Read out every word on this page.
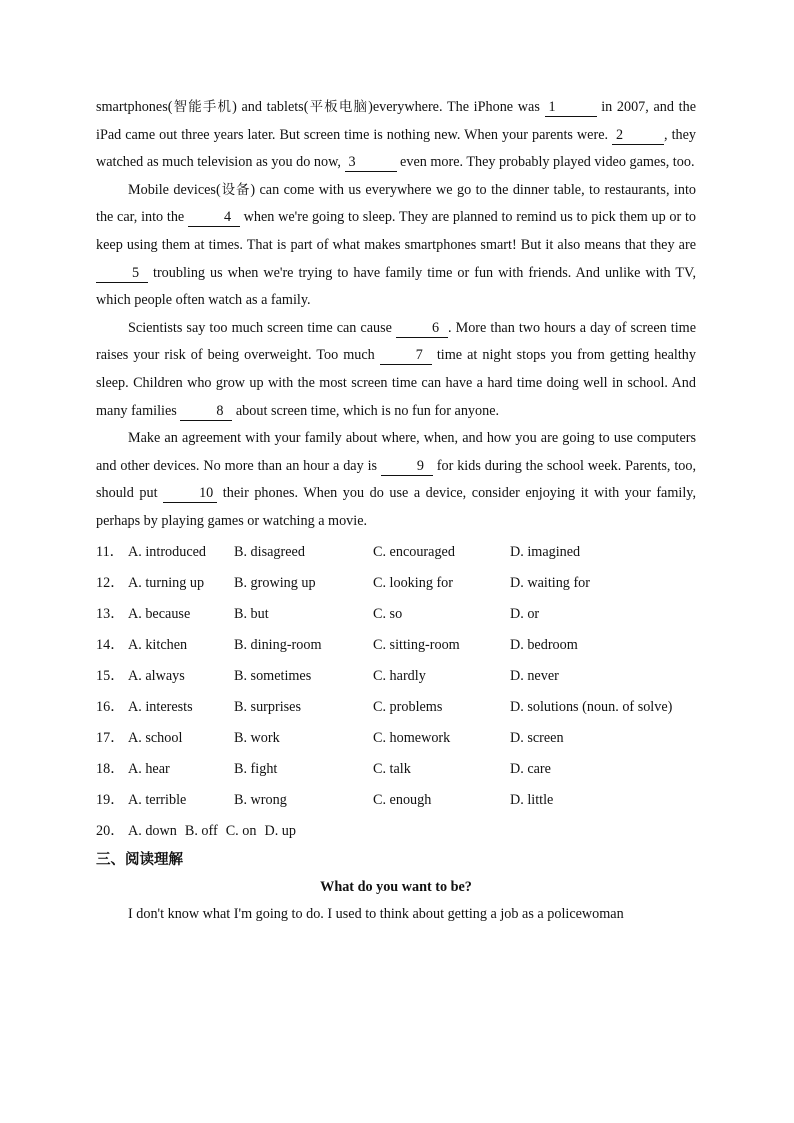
smartphones(智能手机) and tablets(平板电脑)everywhere. The iPhone was 1	in 2007, and the iPad came out three years later. But screen time is nothing new. When your parents were. 2	, they watched as much television as you do now, 3	even more. They probably played video games, too.

Mobile devices(设备) can come with us everywhere we go to the dinner table, to restaurants, into the car, into the	4 when we're going to sleep. They are planned to remind us to pick them up or to keep using them at times. That is part of what makes smartphones smart! But it also means that they are 5 troubling us when we're trying to have family time or fun with friends. And unlike with TV, which people often watch as a family.

Scientists say too much screen time can cause	6 . More than two hours a day of screen time raises your risk of being overweight. Too much	7 time at night stops you from getting healthy sleep. Children who grow up with the most screen time can have a hard time doing well in school. And many families	8 about screen time, which is no fun for anyone.

Make an agreement with your family about where, when, and how you are going to use computers and other devices. No more than an hour a day is	9 for kids during the school week. Parents, too, should put	10 their phones. When you do use a device, consider enjoying it with your family, perhaps by playing games or watching a movie.

11． A. introduced	B. disagreed	C. encouraged	D. imagined
12． A. turning up	B. growing up	C. looking for	D. waiting for
13． A. because	B. but	C. so	D. or
14． A. kitchen	B. dining-room	C. sitting-room	D. bedroom
15． A. always	B. sometimes	C. hardly	D. never
16． A. interests	B. surprises	C. problems	D. solutions (noun. of solve)
17． A. school	B. work	C. homework	D. screen
18． A. hear	B. fight	C. talk	D. care
19． A. terrible	B. wrong	C. enough	D. little
20． A. down B. off C. on D. up
三、阅读理解
What do you want to be?

I don't know what I'm going to do. I used to think about getting a job as a policewoman
